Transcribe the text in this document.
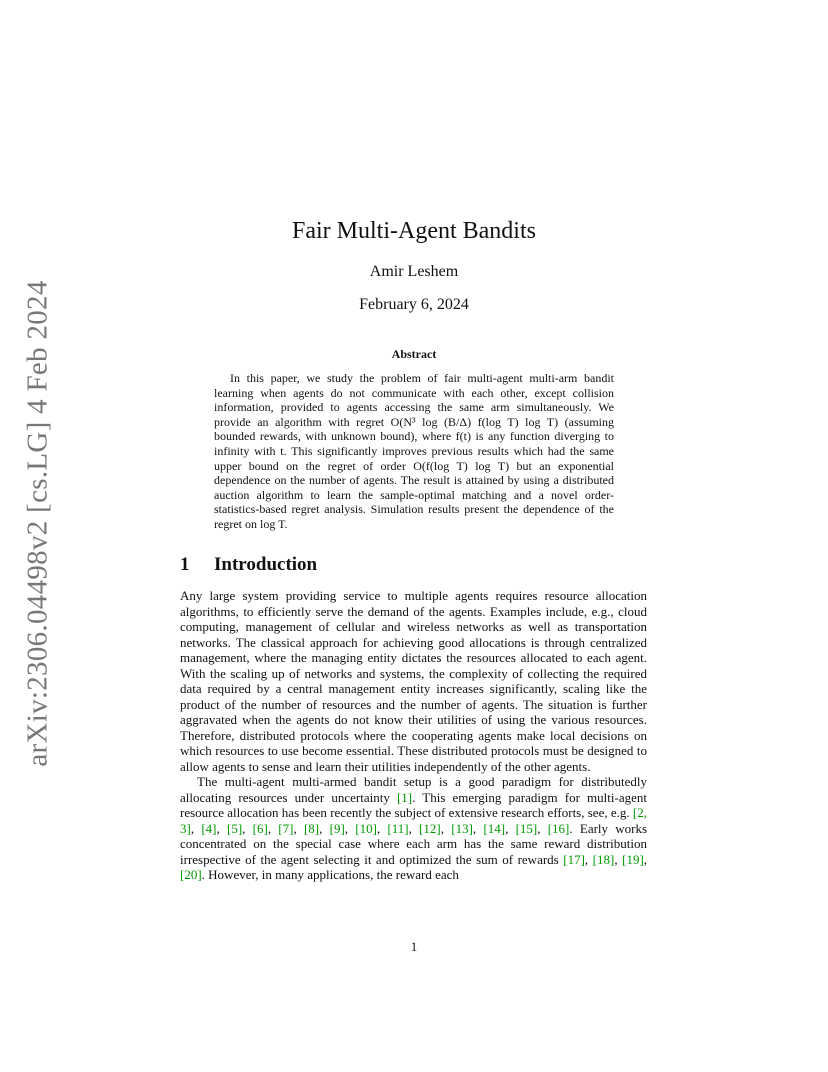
arXiv:2306.04498v2 [cs.LG] 4 Feb 2024
Fair Multi-Agent Bandits
Amir Leshem
February 6, 2024
Abstract

In this paper, we study the problem of fair multi-agent multi-arm bandit learning when agents do not communicate with each other, except collision information, provided to agents accessing the same arm simultaneously. We provide an algorithm with regret O(N³ log (B/Δ) f(log T) log T) (assuming bounded rewards, with unknown bound), where f(t) is any function diverging to infinity with t. This significantly improves previous results which had the same upper bound on the regret of order O(f(log T) log T) but an exponential dependence on the number of agents. The result is attained by using a distributed auction algorithm to learn the sample-optimal matching and a novel order-statistics-based regret analysis. Simulation results present the dependence of the regret on log T.

1 Introduction

Any large system providing service to multiple agents requires resource allocation algorithms, to efficiently serve the demand of the agents. Examples include, e.g., cloud computing, management of cellular and wireless networks as well as transportation networks. The classical approach for achieving good allocations is through centralized management, where the managing entity dictates the resources allocated to each agent. With the scaling up of networks and systems, the complexity of collecting the required data required by a central management entity increases significantly, scaling like the product of the number of resources and the number of agents. The situation is further aggravated when the agents do not know their utilities of using the various resources. Therefore, distributed protocols where the cooperating agents make local decisions on which resources to use become essential. These distributed protocols must be designed to allow agents to sense and learn their utilities independently of the other agents.

The multi-agent multi-armed bandit setup is a good paradigm for distributedly allocating resources under uncertainty [1]. This emerging paradigm for multi-agent resource allocation has been recently the subject of extensive research efforts, see, e.g. [2, 3], [4], [5], [6], [7], [8], [9], [10], [11], [12], [13], [14], [15], [16]. Early works concentrated on the special case where each arm has the same reward distribution irrespective of the agent selecting it and optimized the sum of rewards [17], [18], [19], [20]. However, in many applications, the reward each

1
